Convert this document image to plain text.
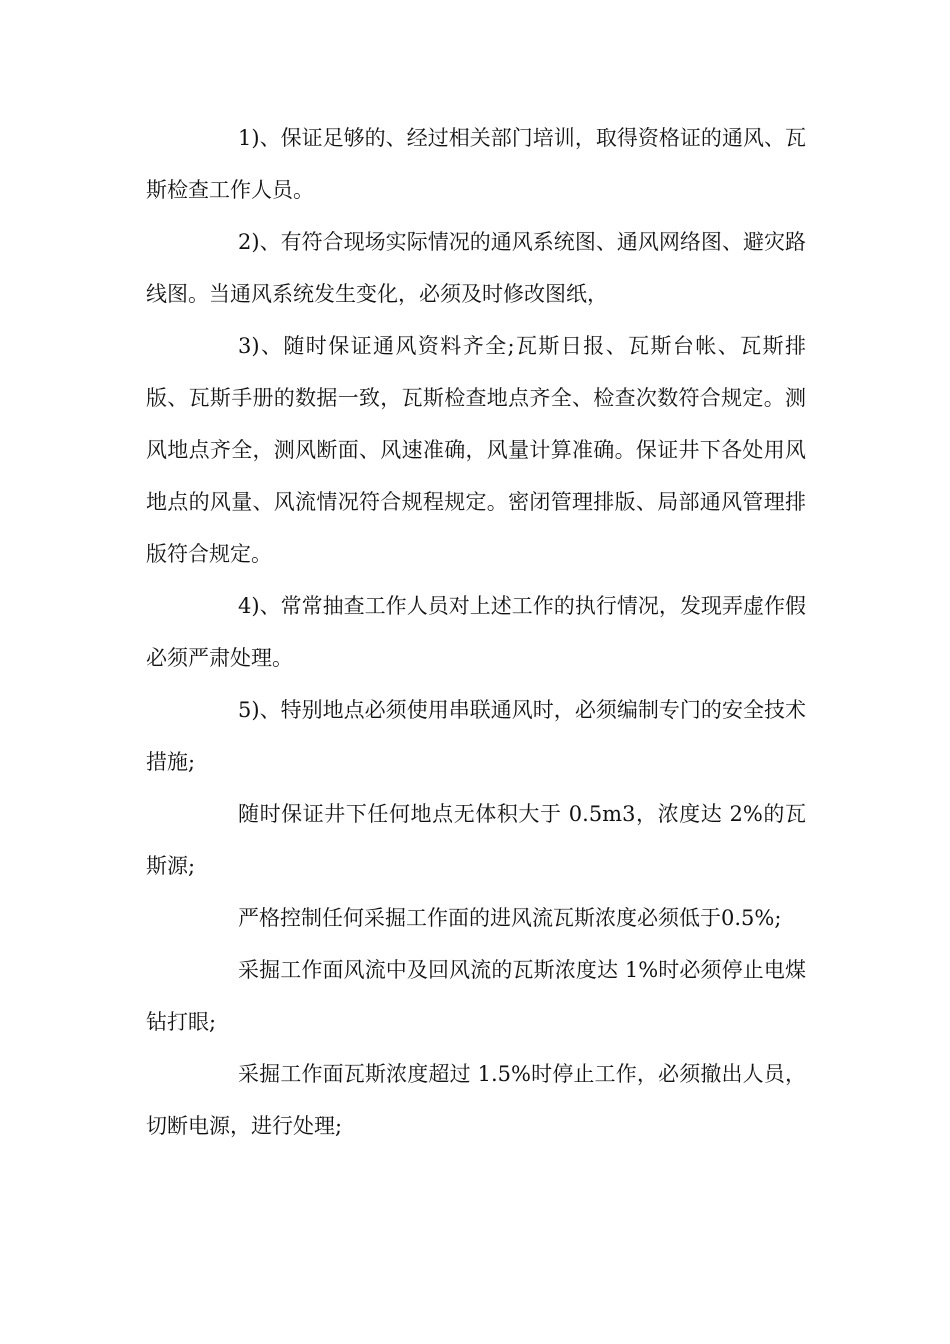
1)、保证足够的、经过相关部门培训，取得资格证的通风、瓦斯检查工作人员。

2)、有符合现场实际情况的通风系统图、通风网络图、避灾路线图。当通风系统发生变化，必须及时修改图纸，

3)、随时保证通风资料齐全;瓦斯日报、瓦斯台帐、瓦斯排版、瓦斯手册的数据一致，瓦斯检查地点齐全、检查次数符合规定。测风地点齐全，测风断面、风速准确，风量计算准确。保证井下各处用风地点的风量、风流情况符合规程规定。密闭管理排版、局部通风管理排版符合规定。

4)、常常抽查工作人员对上述工作的执行情况，发现弄虚作假必须严肃处理。

5)、特别地点必须使用串联通风时，必须编制专门的安全技术措施;

随时保证井下任何地点无体积大于 0.5m3，浓度达 2%的瓦斯源;

严格控制任何采掘工作面的进风流瓦斯浓度必须低于0.5%;

采掘工作面风流中及回风流的瓦斯浓度达 1%时必须停止电煤钻打眼;

采掘工作面瓦斯浓度超过 1.5%时停止工作，必须撤出人员，切断电源，进行处理;
